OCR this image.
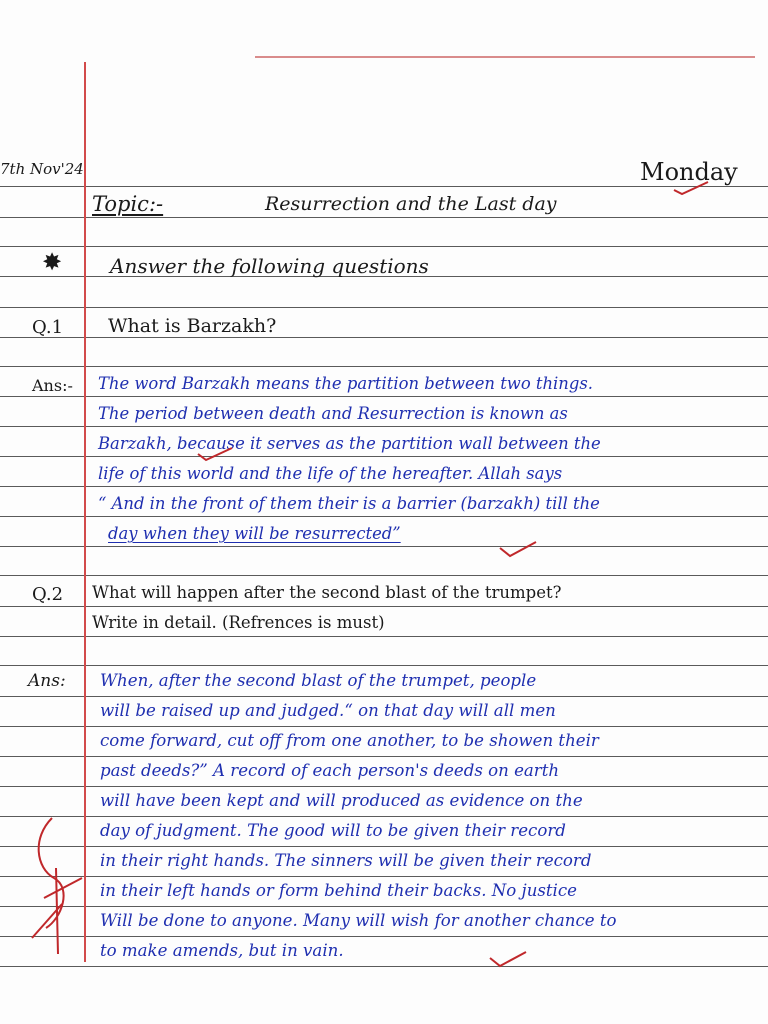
7th Nov'24	Monday
Topic:-	Resurrection and the Last day
✸ Answer the following questions
Q.1 What is Barzakh?
Ans:- The word Barzakh means the partition between two things.
The period between death and Resurrection is known as
Barzakh, because it serves as the partition wall between the
life of this world and the life of the hereafter. Allah says
“ And in the front of them their is a barrier (barzakh) till the
day when they will be resurrected”
Q.2 What will happen after the second blast of the trumpet?
Write in detail. (Refrences is must)
Ans: When, after the second blast of the trumpet, people
will be raised up and judged.“ on that day will all men
come forward, cut off from one another, to be showen their
past deeds?” A record of each person's deeds on earth
will have been kept and will produced as evidence on the
day of judgment. The good will to be given their record
in their right hands. The sinners will be given their record
in their left hands or form behind their backs. No justice
Will be done to anyone. Many will wish for another chance to
to make amends, but in vain.
